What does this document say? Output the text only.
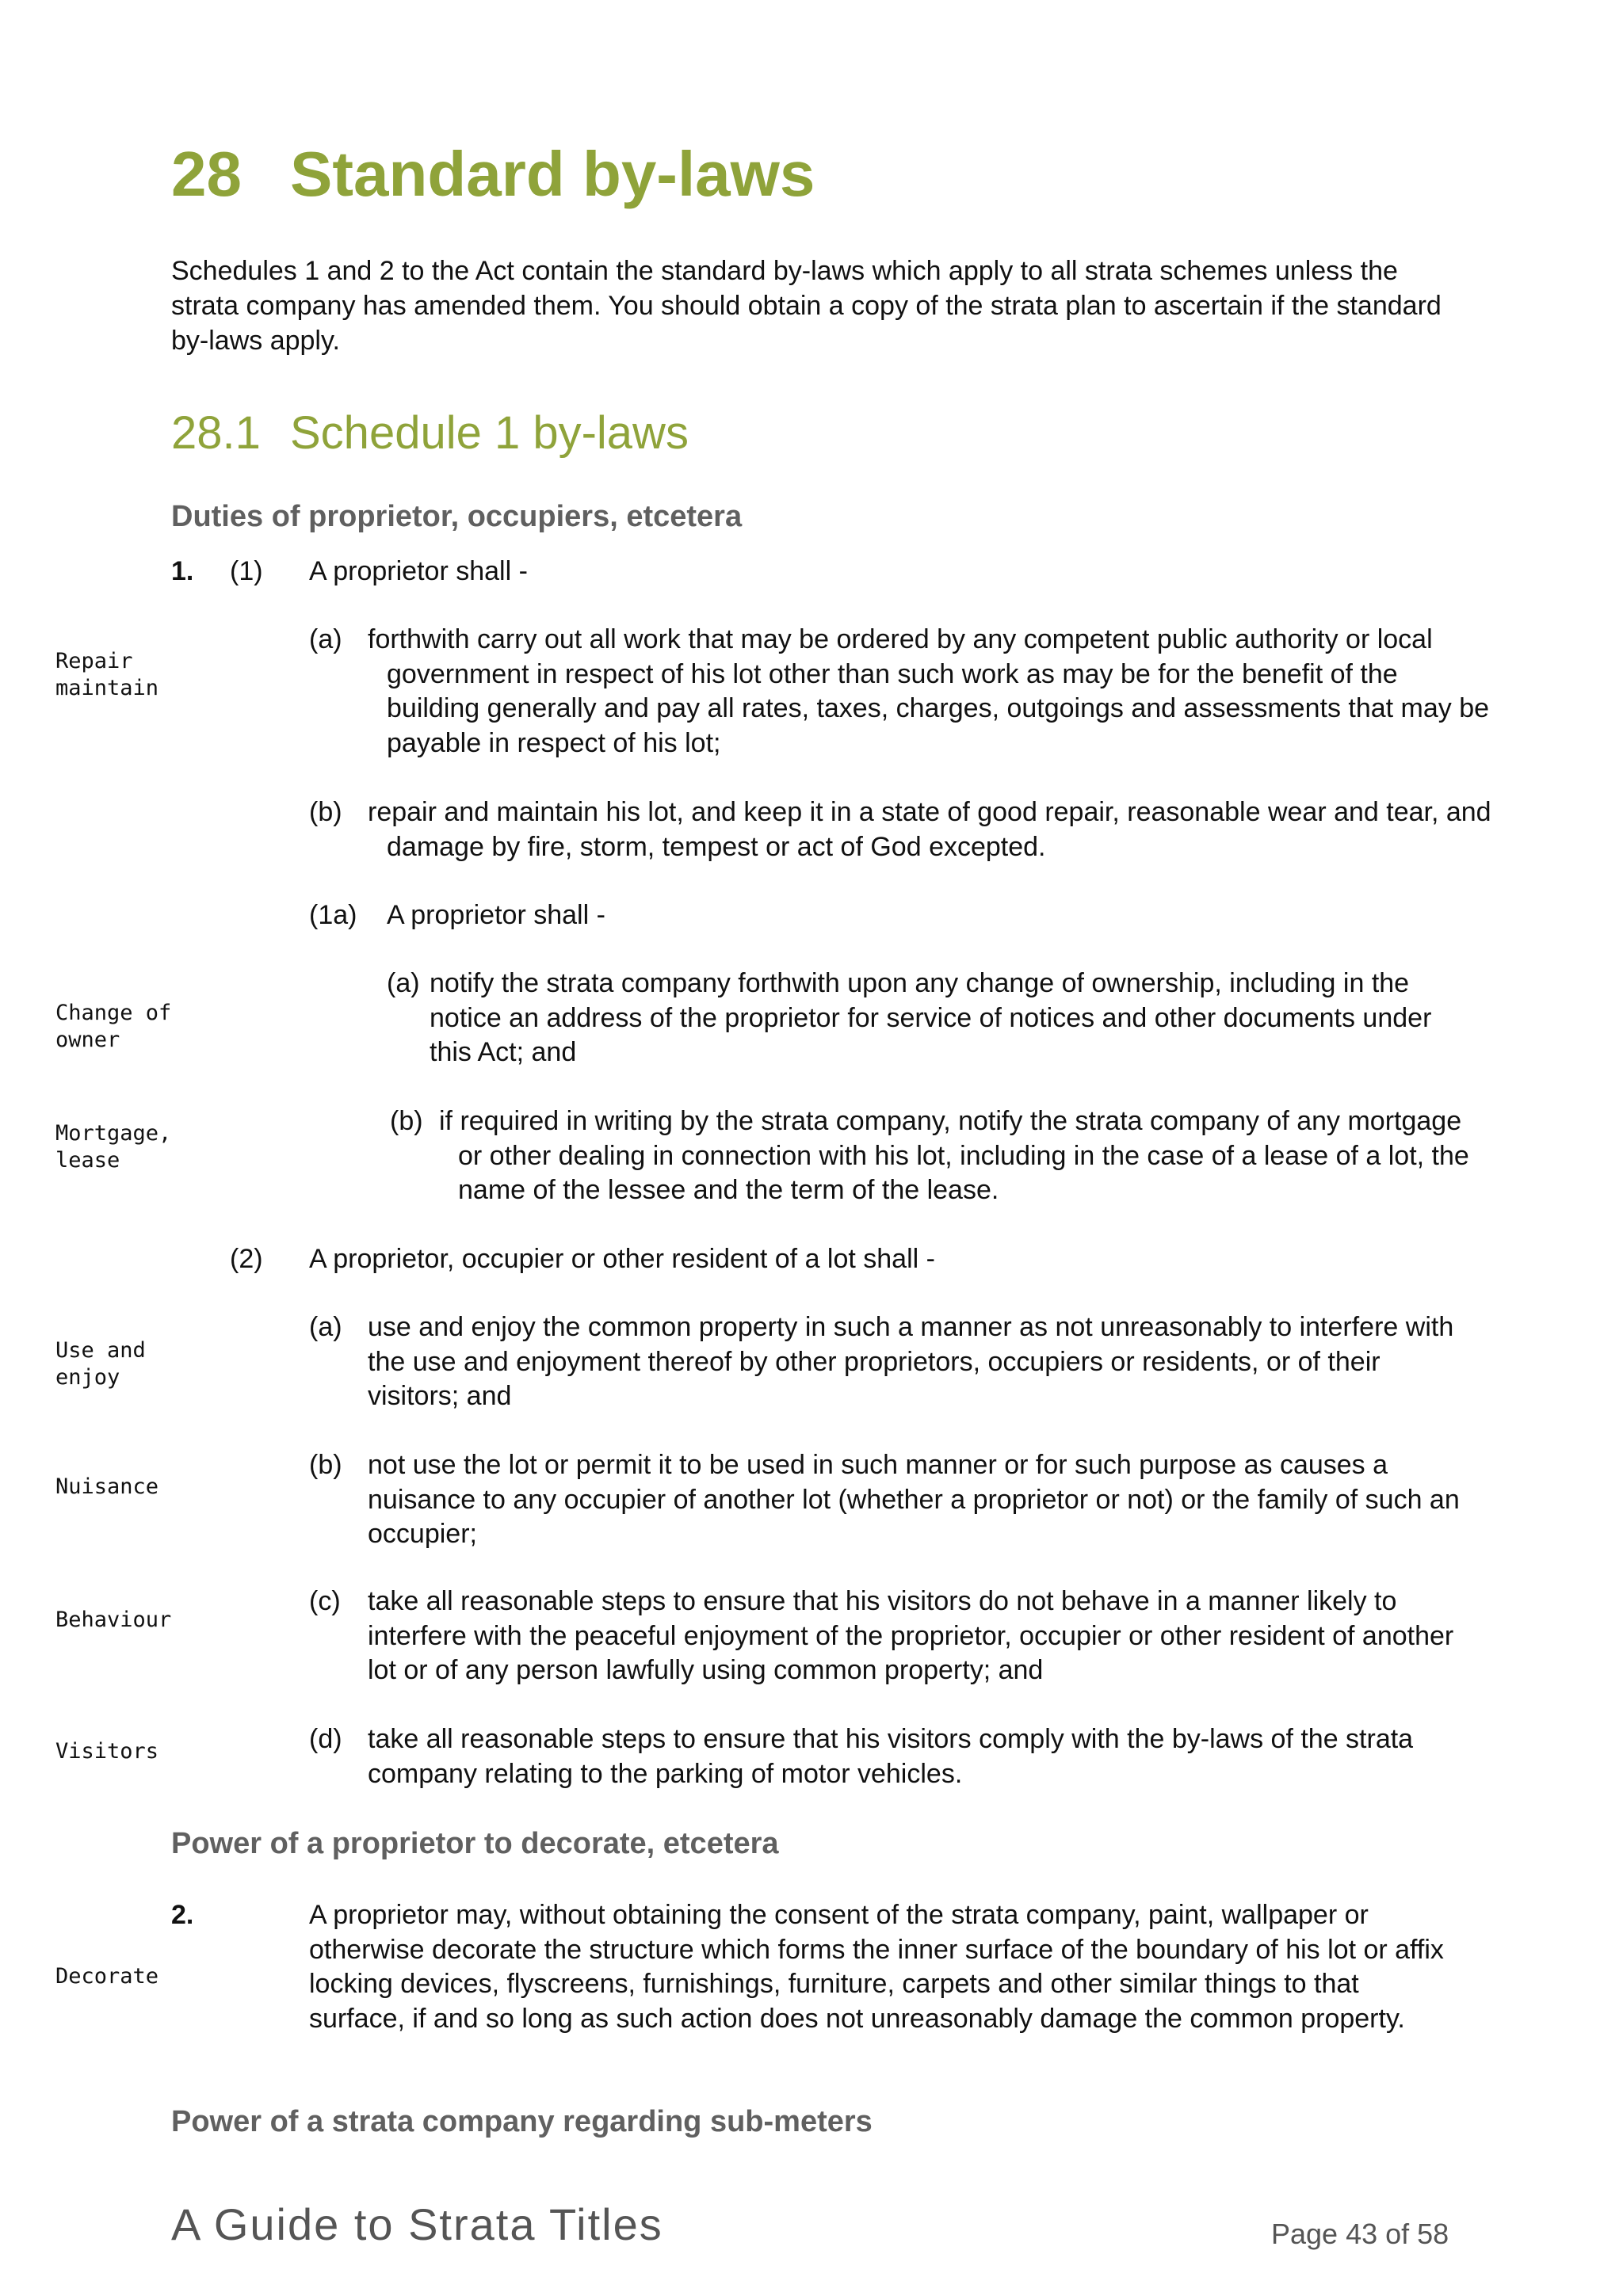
28 Standard by-laws
Schedules 1 and 2 to the Act contain the standard by-laws which apply to all strata schemes unless the strata company has amended them. You should obtain a copy of the strata plan to ascertain if the standard by-laws apply.
28.1 Schedule 1 by-laws
Duties of proprietor, occupiers, etcetera
1. (1) A proprietor shall -
(a) forthwith carry out all work that may be ordered by any competent public authority or local government in respect of his lot other than such work as may be for the benefit of the building generally and pay all rates, taxes, charges, outgoings and assessments that may be payable in respect of his lot;
(b) repair and maintain his lot, and keep it in a state of good repair, reasonable wear and tear, and damage by fire, storm, tempest or act of God excepted.
(1a) A proprietor shall -
(a) notify the strata company forthwith upon any change of ownership, including in the notice an address of the proprietor for service of notices and other documents under this Act; and
(b) if required in writing by the strata company, notify the strata company of any mortgage or other dealing in connection with his lot, including in the case of a lease of a lot, the name of the lessee and the term of the lease.
(2) A proprietor, occupier or other resident of a lot shall -
(a) use and enjoy the common property in such a manner as not unreasonably to interfere with the use and enjoyment thereof by other proprietors, occupiers or residents, or of their visitors; and
(b) not use the lot or permit it to be used in such manner or for such purpose as causes a nuisance to any occupier of another lot (whether a proprietor or not) or the family of such an occupier;
(c) take all reasonable steps to ensure that his visitors do not behave in a manner likely to interfere with the peaceful enjoyment of the proprietor, occupier or other resident of another lot or of any person lawfully using common property; and
(d) take all reasonable steps to ensure that his visitors comply with the by-laws of the strata company relating to the parking of motor vehicles.
Power of a proprietor to decorate, etcetera
2.	A proprietor may, without obtaining the consent of the strata company, paint, wallpaper or otherwise decorate the structure which forms the inner surface of the boundary of his lot or affix locking devices, flyscreens, furnishings, furniture, carpets and other similar things to that surface, if and so long as such action does not unreasonably damage the common property.
Power of a strata company regarding sub-meters
Repair
maintain
Change of
owner
Mortgage,
lease
Use and
enjoy
Nuisance
Behaviour
Visitors
Decorate
A Guide to Strata Titles	Page 43 of 58
